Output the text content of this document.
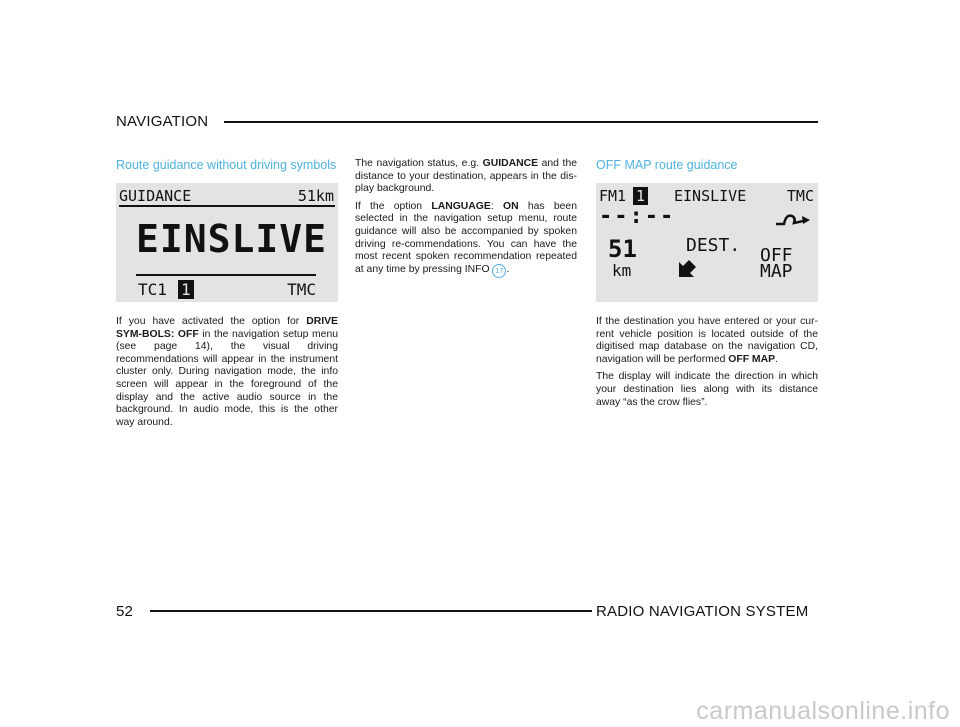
NAVIGATION
Route guidance without driving symbols
GUIDANCE	51km
EINSLIVE
TC1 1	TMC

If you have activated the option for DRIVE SYM-BOLS: OFF in the navigation setup menu (see page 14), the visual driving recommendations will appear in the instrument cluster only. During navigation mode, the info screen will appear in the foreground of the display and the active audio source in the background. In audio mode, this is the other way around.

The navigation status, e.g. GUIDANCE and the distance to your destination, appears in the dis-play background.

If the option LANGUAGE: ON has been selected in the navigation setup menu, route guidance will also be accompanied by spoken driving re-commendations. You can have the most recent spoken recommendation repeated at any time by pressing INFO 17 .

OFF MAP route guidance
FM1 1 EINSLIVE	TMC
--:--
51
km
DEST. OFF
MAP

If the destination you have entered or your cur-rent vehicle position is located outside of the digitised map database on the navigation CD, navigation will be performed OFF MAP.

The display will indicate the direction in which your destination lies along with its distance away “as the crow flies”.

52	RADIO NAVIGATION SYSTEM
carmanualsonline.info
